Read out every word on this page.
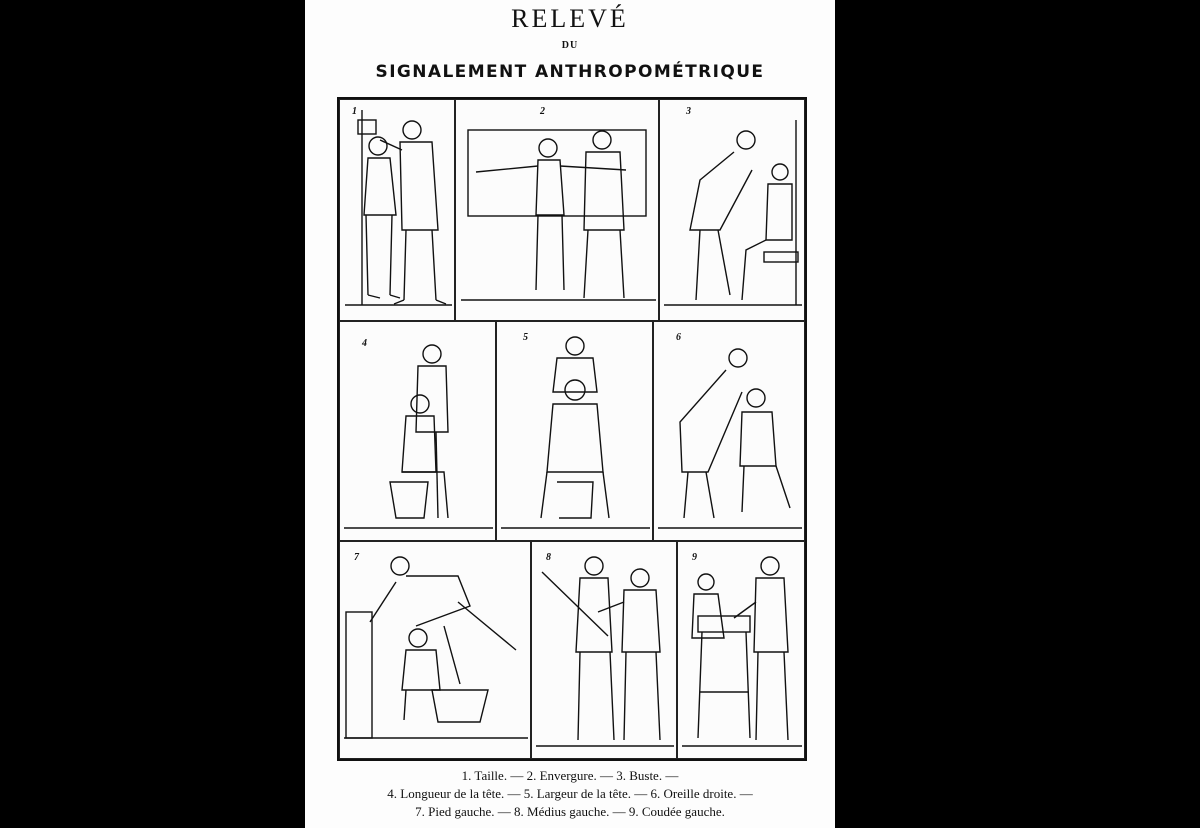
RELEVÉ
DU
SIGNALEMENT ANTHROPOMÉTRIQUE
1	2	3
4
5	6
7	8	9
1. Taille. — 2. Envergure. — 3. Buste. —
4. Longueur de la tête. — 5. Largeur de la tête. — 6. Oreille droite. —
7. Pied gauche. — 8. Médius gauche. — 9. Coudée gauche.
